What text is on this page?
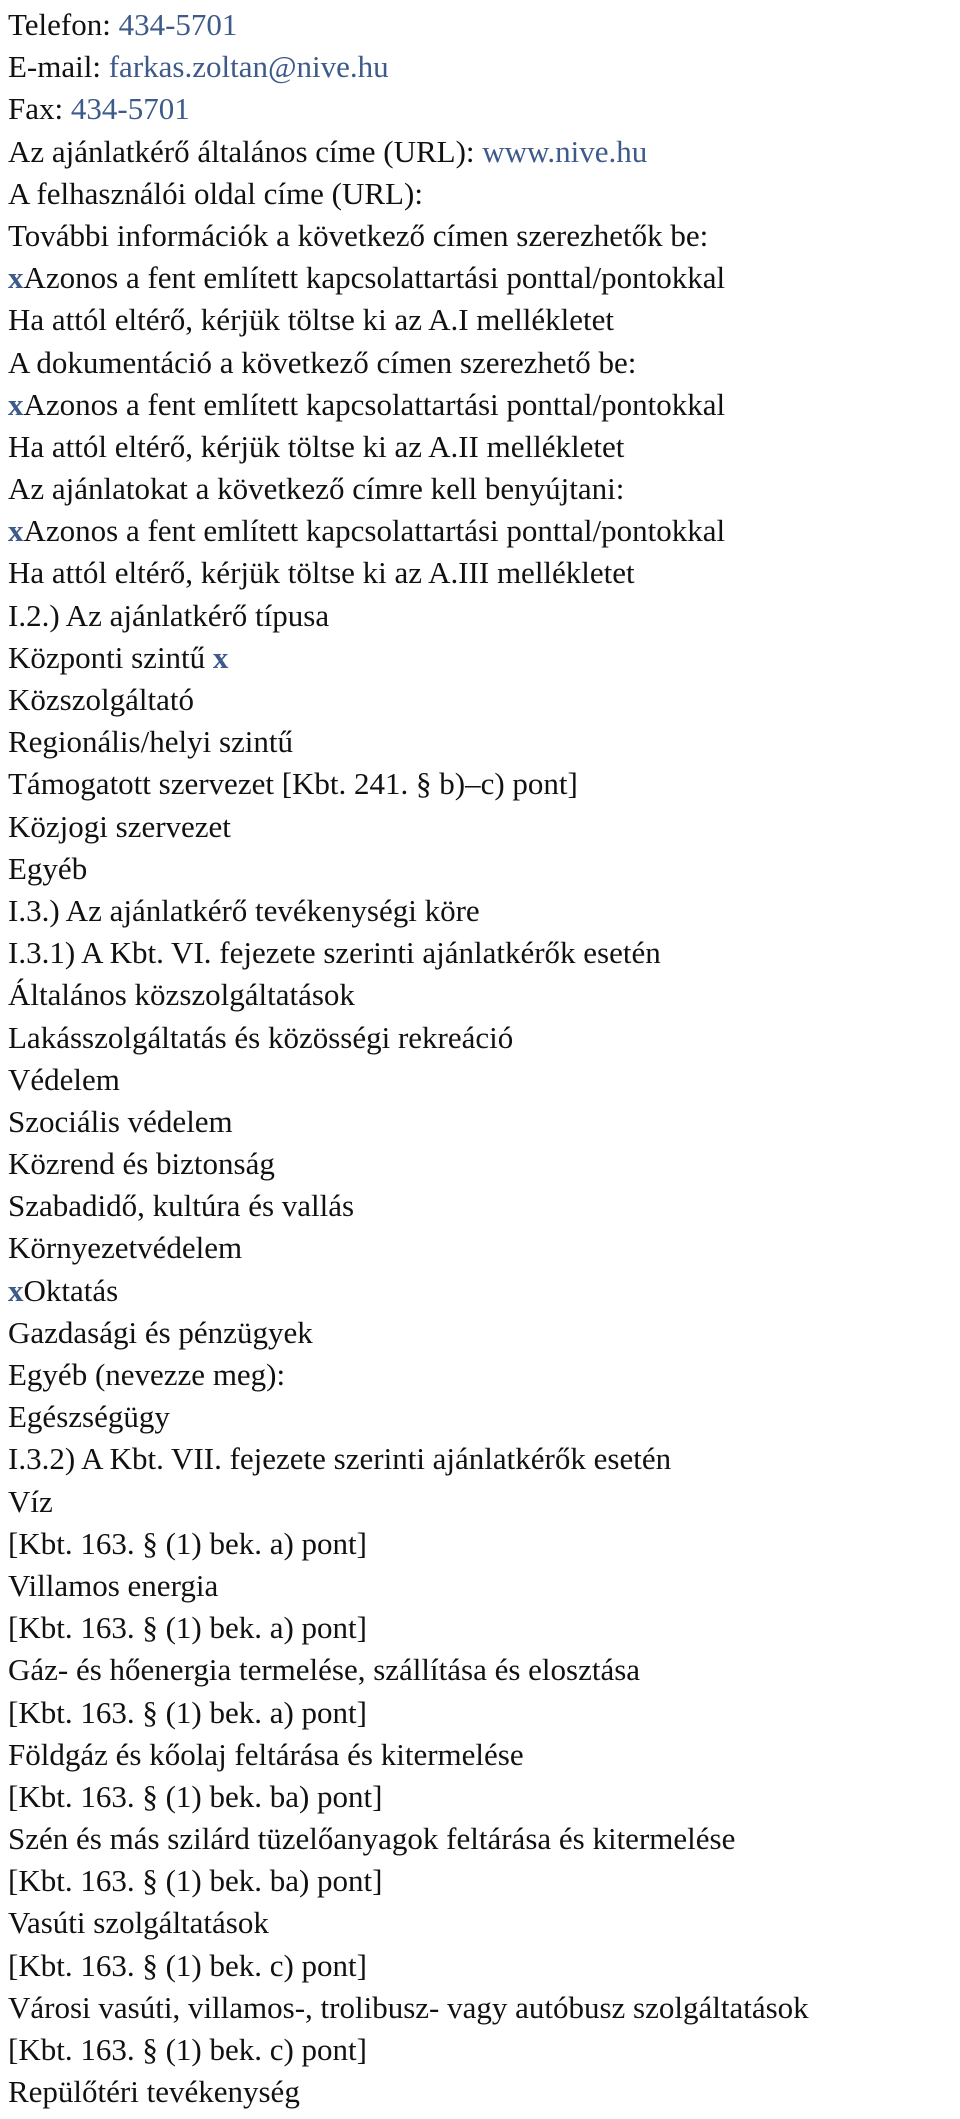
Telefon: 434-5701
E-mail: farkas.zoltan@nive.hu
Fax: 434-5701
Az ajánlatkérő általános címe (URL): www.nive.hu
A felhasználói oldal címe (URL):
További információk a következő címen szerezhetők be:
xAzonos a fent említett kapcsolattartási ponttal/pontokkal
Ha attól eltérő, kérjük töltse ki az A.I mellékletet
A dokumentáció a következő címen szerezhető be:
xAzonos a fent említett kapcsolattartási ponttal/pontokkal
Ha attól eltérő, kérjük töltse ki az A.II mellékletet
Az ajánlatokat a következő címre kell benyújtani:
xAzonos a fent említett kapcsolattartási ponttal/pontokkal
Ha attól eltérő, kérjük töltse ki az A.III mellékletet
I.2.) Az ajánlatkérő típusa
Központi szintű x
Közszolgáltató
Regionális/helyi szintű
Támogatott szervezet [Kbt. 241. § b)–c) pont]
Közjogi szervezet
Egyéb
I.3.) Az ajánlatkérő tevékenységi köre
I.3.1) A Kbt. VI. fejezete szerinti ajánlatkérők esetén
Általános közszolgáltatások
Lakásszolgáltatás és közösségi rekreáció
Védelem
Szociális védelem
Közrend és biztonság
Szabadidő, kultúra és vallás
Környezetvédelem
xOktatás
Gazdasági és pénzügyek
Egyéb (nevezze meg):
Egészségügy
I.3.2) A Kbt. VII. fejezete szerinti ajánlatkérők esetén
Víz
[Kbt. 163. § (1) bek. a) pont]
Villamos energia
[Kbt. 163. § (1) bek. a) pont]
Gáz- és hőenergia termelése, szállítása és elosztása
[Kbt. 163. § (1) bek. a) pont]
Földgáz és kőolaj feltárása és kitermelése
[Kbt. 163. § (1) bek. ba) pont]
Szén és más szilárd tüzelőanyagok feltárása és kitermelése
[Kbt. 163. § (1) bek. ba) pont]
Vasúti szolgáltatások
[Kbt. 163. § (1) bek. c) pont]
Városi vasúti, villamos-, trolibusz- vagy autóbusz szolgáltatások
[Kbt. 163. § (1) bek. c) pont]
Repülőtéri tevékenység
